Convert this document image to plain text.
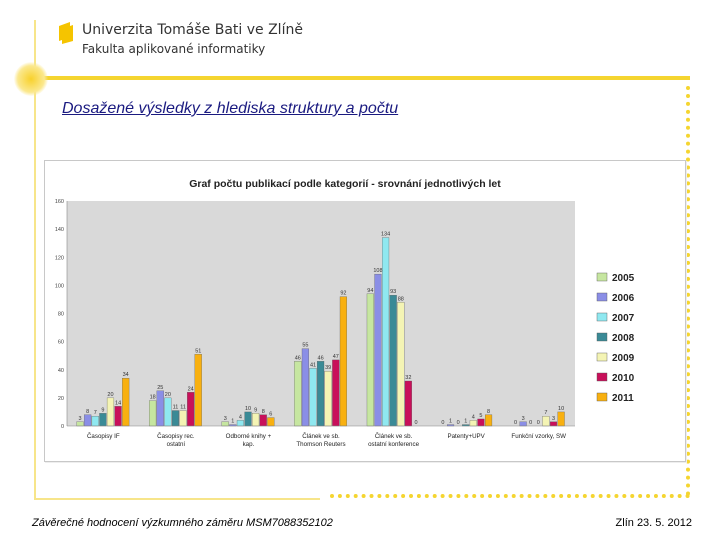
Univerzita Tomáše Bati ve Zlíně
Fakulta aplikované informatiky
Dosažené výsledky z hlediska struktury a počtu
Graf počtu publikací podle kategorií - srovnání jednotlivých let
0
20
40
60
80
100
120
140
160
3
18
3
46
94
0	0
8
25
1
55
108
1	3
7
20
4
41
134
0	0
9	11	10
46
93
1	0
20
11	9
39
88
4
7
14
24
8
47
32
5	3
34
51
6
92
0
8	10
Časopisy IF	Časopisy rec. ostatní
Odborné knihy + kap.
Článek ve sb. Thomson Reuters
Článek ve sb. ostatní konference
Patenty+UPV	Funkční vzorky, SW
2005
2006
2007
2008
2009
2010
2011
Závěrečné hodnocení výzkumného záměru MSM7088352102	Zlín 23. 5. 2012
